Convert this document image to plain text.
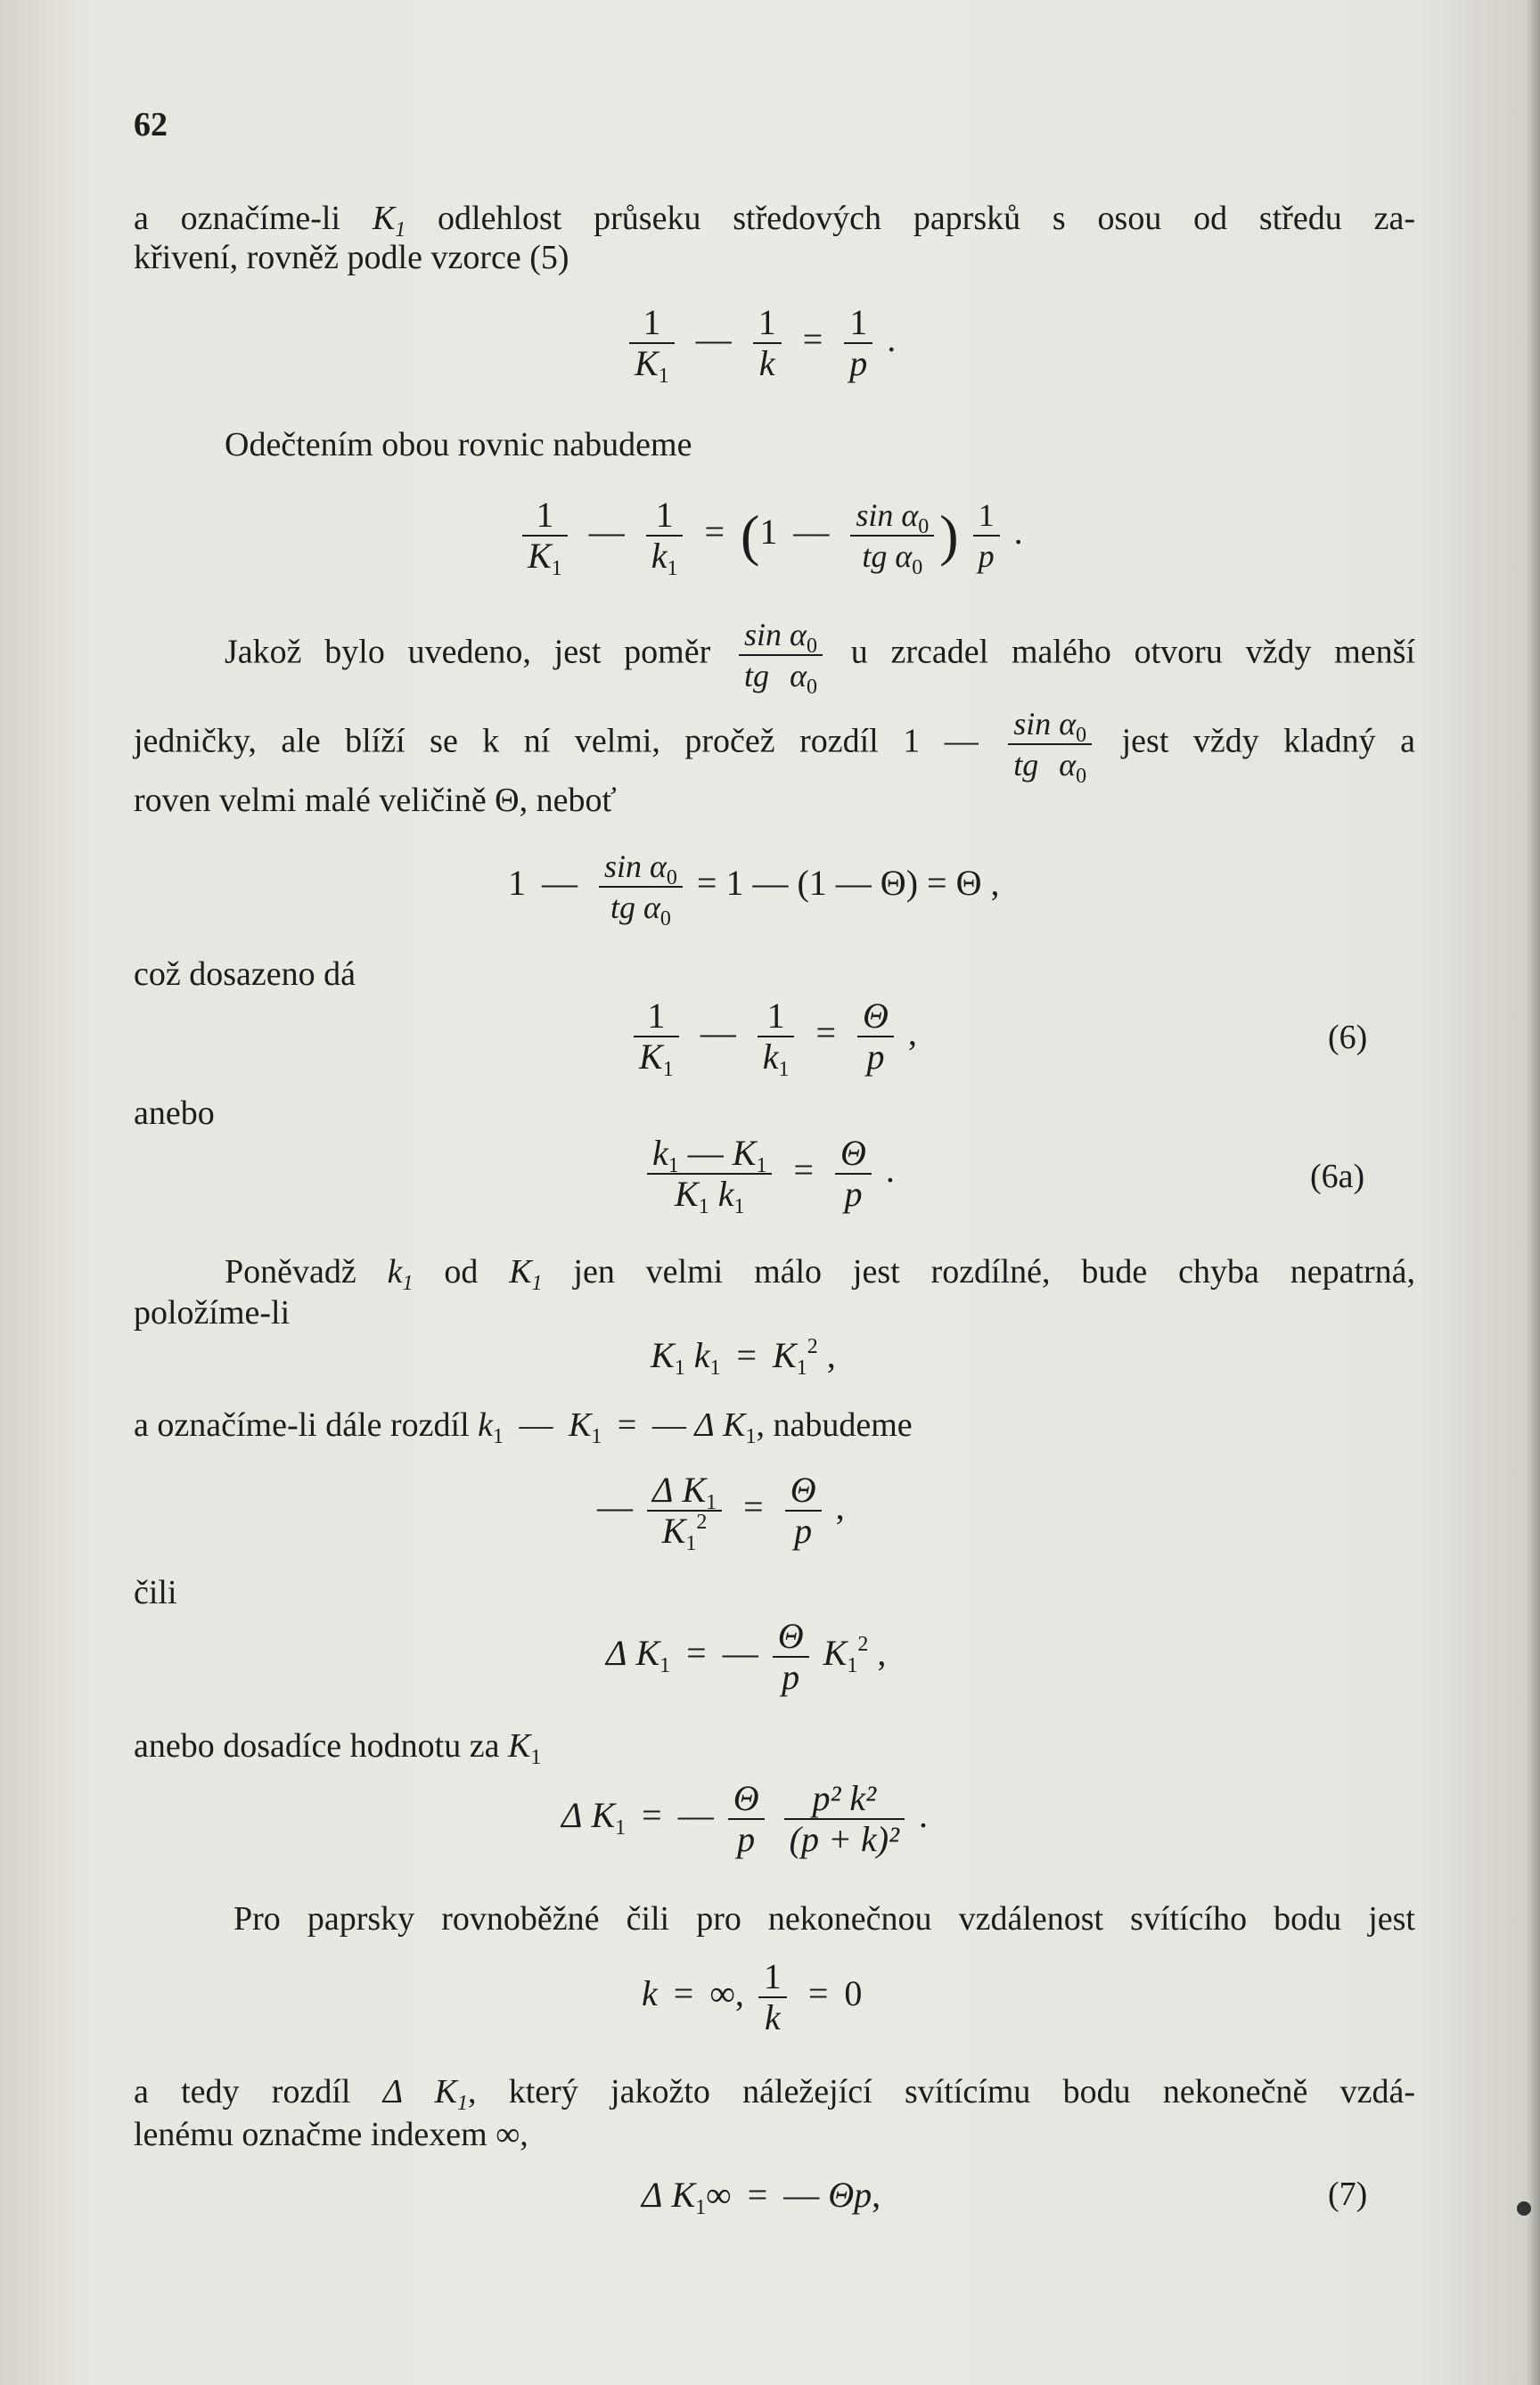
62
a označíme-li $K_1$ odlehlost průseku středových paprsků s osou od středu za-
křivení, rovněž podle vzorce (5)
$\frac{1}{K_1}$ — $\frac{1}{k} = \frac{1}{p}$ .
Odečtením obou rovnic nabudeme
$\frac{1}{K_1}$ — $\frac{1}{k_1} = (1$ — $\frac{\sin \alpha_0}{tg \alpha_0}$ ) $\frac{1}{p}$ .
Jakož bylo uvedeno, jest poměr $\frac{\sin \alpha_0}{tg \alpha_0}$ u zrcadel malého otvoru vždy menší
jedničky, ale blíží se k ní velmi, pročež rozdíl 1 — $\frac{\sin \alpha_0}{tg \alpha_0}$ jest vždy kladný a
roven velmi malé veličině Θ, neboť
1 — $\frac{\sin \alpha_0}{tg \alpha_0} = 1$ — (1 — Θ) = Θ ,
což dosazeno dá
$\frac{1}{K_1}$ — $\frac{1}{k_1} = \frac{\Theta}{p}$ ,	(6)
anebo
$\frac{k_1 — K_1}{K_1 k_1} = \frac{\Theta}{p}$ .	(6a)
Poněvadž $k_1$ od $K_1$ jen velmi málo jest rozdílné, bude chyba nepatrná,
položíme-li
$K_1$ $k_1 = K_1^2$ ,
a označíme-li dále rozdíl $k_1$ — $K_1$ = — Δ $K_1$, nabudeme
— $\frac{\Delta K_1}{K_1^2} = \frac{\Theta}{p}$ ,
čili
Δ $K_1$ = — $\frac{\Theta}{p} K_1^2$ ,
anebo dosadíce hodnotu za $K_1$
Δ $K_1$ = — $\frac{\Theta}{p}$
$\frac{\text{p² k²}}{\text{(p + k)²}}$ .
Pro paprsky rovnoběžné čili pro nekonečnou vzdálenost svítícího bodu jest
k = ∞, $\frac{1}{k} = 0$
a tedy rozdíl Δ $K_1$, který jakožto náležející svítícímu bodu nekonečně vzdá-
lenému označme indexem ∞,
Δ $K_1\infty$ = — Θp,	(7)
